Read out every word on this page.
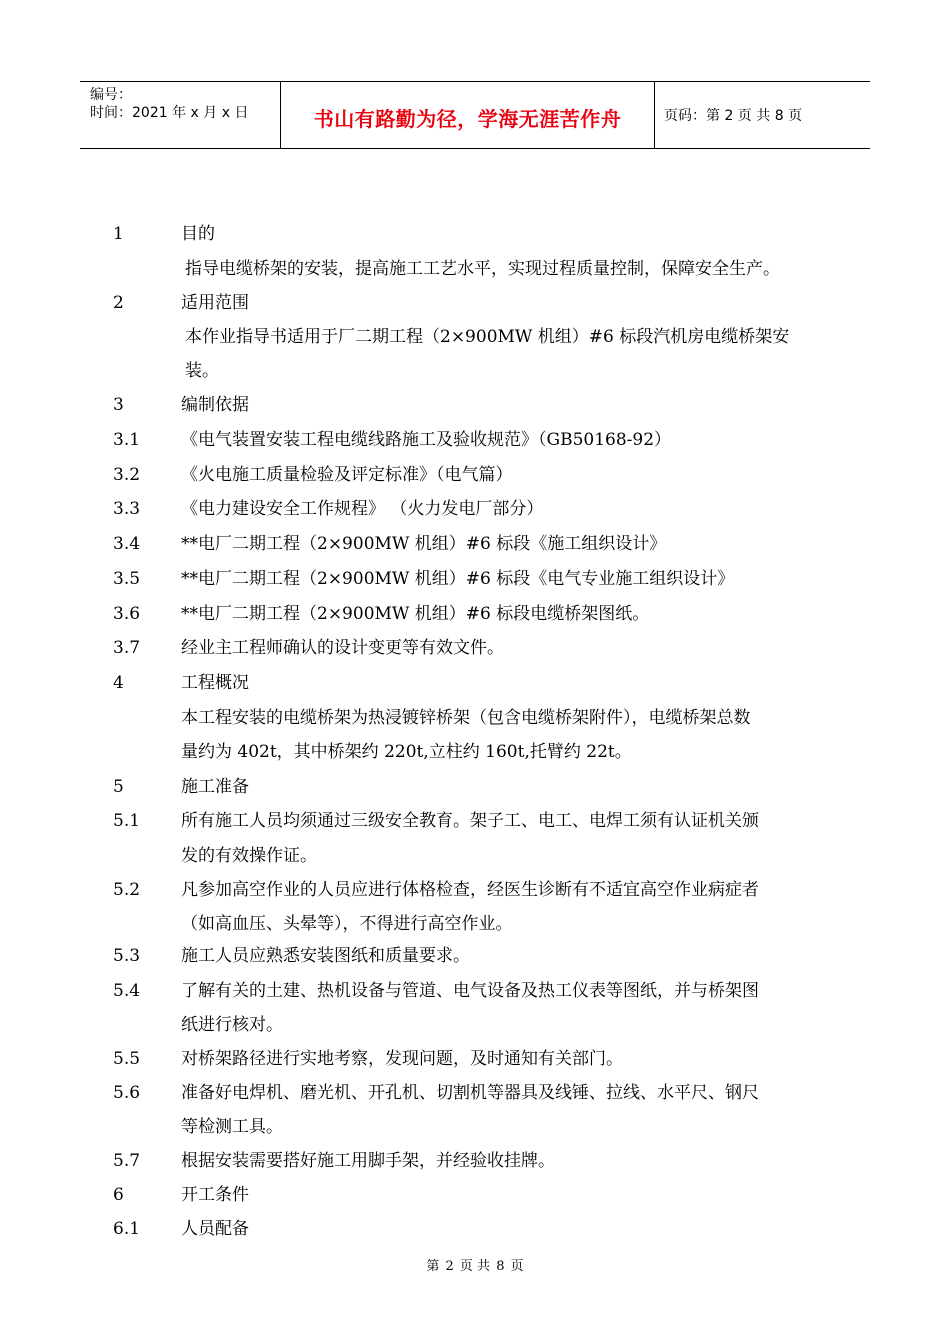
编号：
时间：2021 年 x 月 x 日	书山有路勤为径，学海无涯苦作舟	页码：第 2 页 共 8 页
1	目的
指导电缆桥架的安装，提高施工工艺水平，实现过程质量控制，保障安全生产。
2	适用范围
本作业指导书适用于厂二期工程（2×900MW 机组）#6 标段汽机房电缆桥架安
装。
3	编制依据
3.1 《电气装置安装工程电缆线路施工及验收规范》（GB50168-92）
3.2 《火电施工质量检验及评定标准》（电气篇）
3.3 《电力建设安全工作规程》 （火力发电厂部分）
3.4 **电厂二期工程（2×900MW 机组）#6 标段《施工组织设计》
3.5 **电厂二期工程（2×900MW 机组）#6 标段《电气专业施工组织设计》
3.6 **电厂二期工程（2×900MW 机组）#6 标段电缆桥架图纸。
3.7 经业主工程师确认的设计变更等有效文件。
4	工程概况
本工程安装的电缆桥架为热浸镀锌桥架（包含电缆桥架附件），电缆桥架总数
量约为 402t，其中桥架约 220t,立柱约 160t,托臂约 22t。
5	施工准备
5.1 所有施工人员均须通过三级安全教育。架子工、电工、电焊工须有认证机关颁
发的有效操作证。
5.2 凡参加高空作业的人员应进行体格检查，经医生诊断有不适宜高空作业病症者
（如高血压、头晕等），不得进行高空作业。
5.3 施工人员应熟悉安装图纸和质量要求。
5.4 了解有关的土建、热机设备与管道、电气设备及热工仪表等图纸，并与桥架图
纸进行核对。
5.5 对桥架路径进行实地考察，发现问题，及时通知有关部门。
5.6 准备好电焊机、磨光机、开孔机、切割机等器具及线锤、拉线、水平尺、钢尺
等检测工具。
5.7 根据安装需要搭好施工用脚手架，并经验收挂牌。
6	开工条件
6.1 人员配备
第 2 页 共 8 页
